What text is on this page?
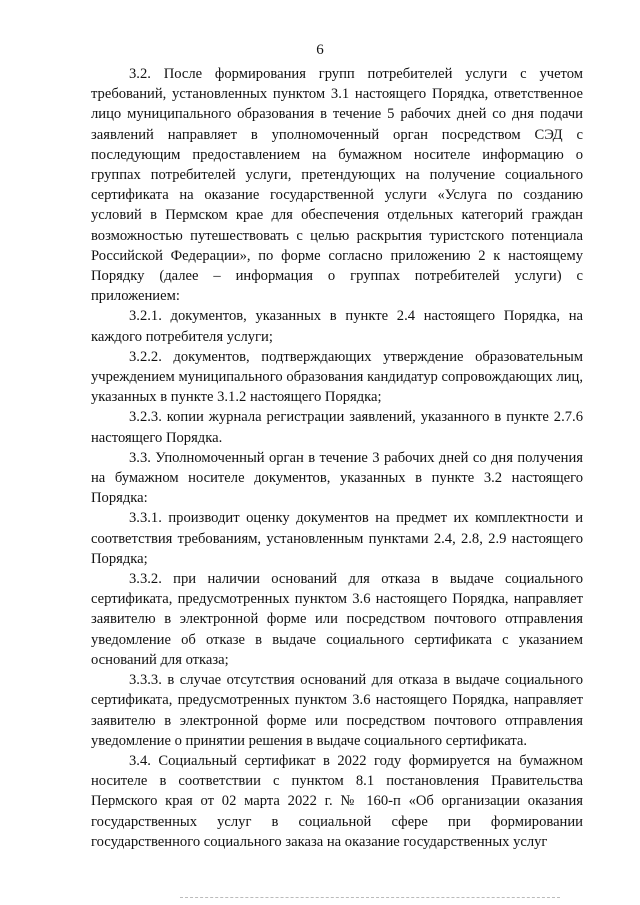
6

3.2. После формирования групп потребителей услуги с учетом требований, установленных пунктом 3.1 настоящего Порядка, ответственное лицо муниципального образования в течение 5 рабочих дней со дня подачи заявлений направляет в уполномоченный орган посредством СЭД с последующим предоставлением на бумажном носителе информацию о группах потребителей услуги, претендующих на получение социального сертификата на оказание государственной услуги «Услуга по созданию условий в Пермском крае для обеспечения отдельных категорий граждан возможностью путешествовать с целью раскрытия туристского потенциала Российской Федерации», по форме согласно приложению 2 к настоящему Порядку (далее – информация о группах потребителей услуги) с приложением:

3.2.1. документов, указанных в пункте 2.4 настоящего Порядка, на каждого потребителя услуги;

3.2.2. документов, подтверждающих утверждение образовательным учреждением муниципального образования кандидатур сопровождающих лиц, указанных в пункте 3.1.2 настоящего Порядка;

3.2.3. копии журнала регистрации заявлений, указанного в пункте 2.7.6 настоящего Порядка.

3.3. Уполномоченный орган в течение 3 рабочих дней со дня получения на бумажном носителе документов, указанных в пункте 3.2 настоящего Порядка:

3.3.1. производит оценку документов на предмет их комплектности и соответствия требованиям, установленным пунктами 2.4, 2.8, 2.9 настоящего Порядка;

3.3.2. при наличии оснований для отказа в выдаче социального сертификата, предусмотренных пунктом 3.6 настоящего Порядка, направляет заявителю в электронной форме или посредством почтового отправления уведомление об отказе в выдаче социального сертификата с указанием оснований для отказа;

3.3.3. в случае отсутствия оснований для отказа в выдаче социального сертификата, предусмотренных пунктом 3.6 настоящего Порядка, направляет заявителю в электронной форме или посредством почтового отправления уведомление о принятии решения в выдаче социального сертификата.

3.4. Социальный сертификат в 2022 году формируется на бумажном носителе в соответствии с пунктом 8.1 постановления Правительства Пермского края от 02 марта 2022 г. № 160-п «Об организации оказания государственных услуг в социальной сфере при формировании государственного социального заказа на оказание государственных услуг
